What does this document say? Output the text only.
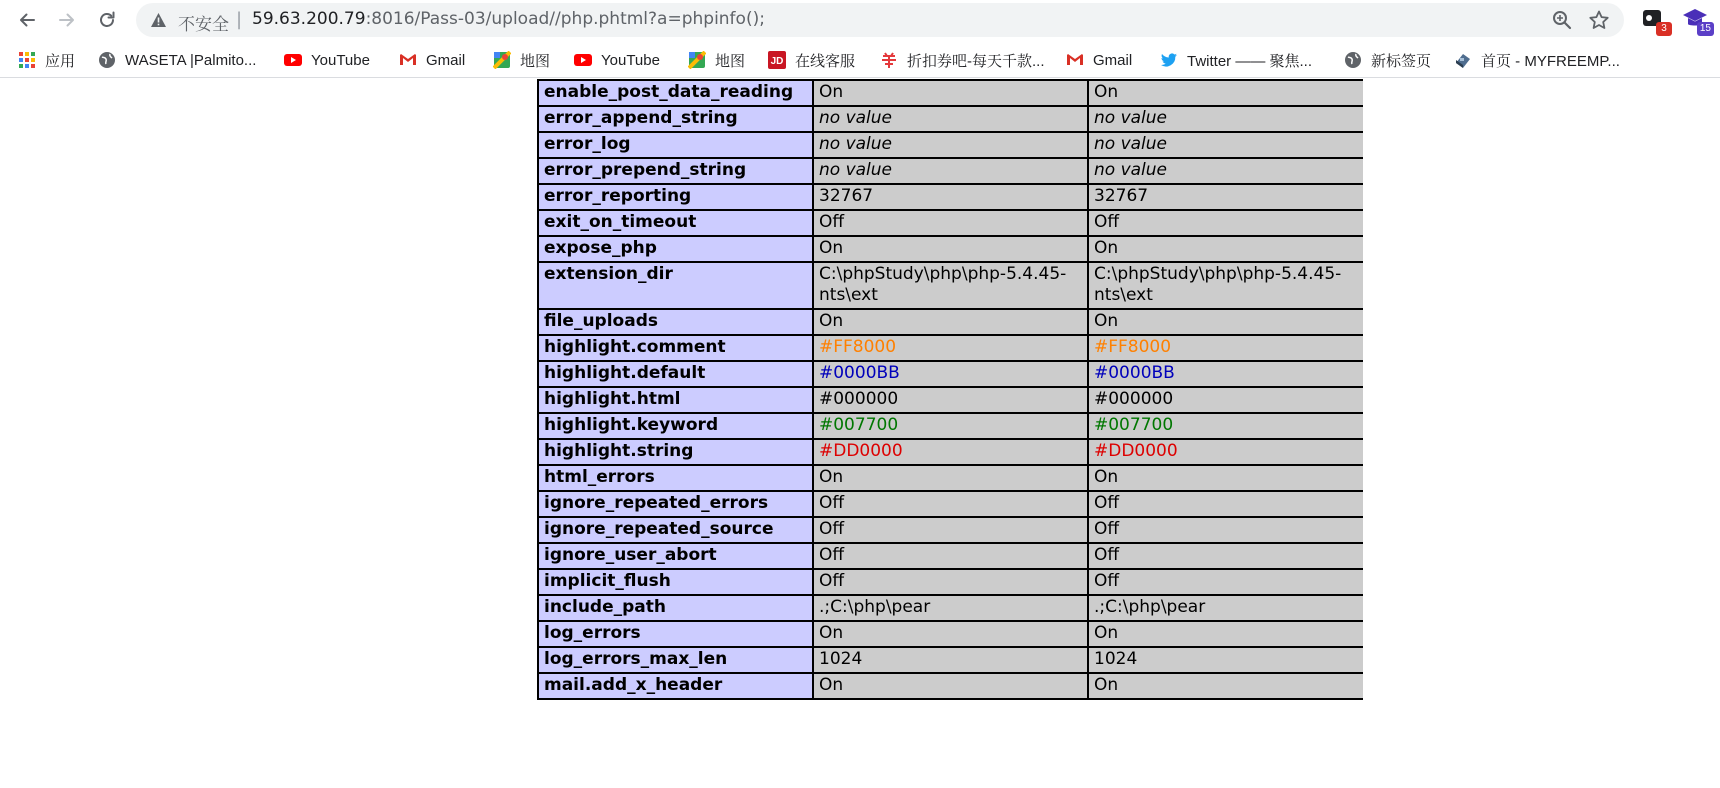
不安全 | 59.63.200.79:8016/Pass-03/upload//php.phtml?a=phpinfo();	3	15
应用	WASETA |Palmito...	YouTube	Gmail	地图	YouTube	地图	JD 在线客服	折扣券吧-每天千款...	Gmail	Twitter —— 聚焦...	新标签页	首页 - MYFREEMP...
enable_post_data_reading	On	On
error_append_string	no value	no value
error_log	no value	no value
error_prepend_string	no value	no value
error_reporting	32767	32767
exit_on_timeout	Off	Off
expose_php	On	On
extension_dir	C:\phpStudy\php\php-5.4.45-nts\ext	C:\phpStudy\php\php-5.4.45-nts\ext
file_uploads	On	On
highlight.comment	#FF8000	#FF8000
highlight.default	#0000BB	#0000BB
highlight.html	#000000	#000000
highlight.keyword	#007700	#007700
highlight.string	#DD0000	#DD0000
html_errors	On	On
ignore_repeated_errors	Off	Off
ignore_repeated_source	Off	Off
ignore_user_abort	Off	Off
implicit_flush	Off	Off
include_path	.;C:\php\pear	.;C:\php\pear
log_errors	On	On
log_errors_max_len	1024	1024
mail.add_x_header	On	On
